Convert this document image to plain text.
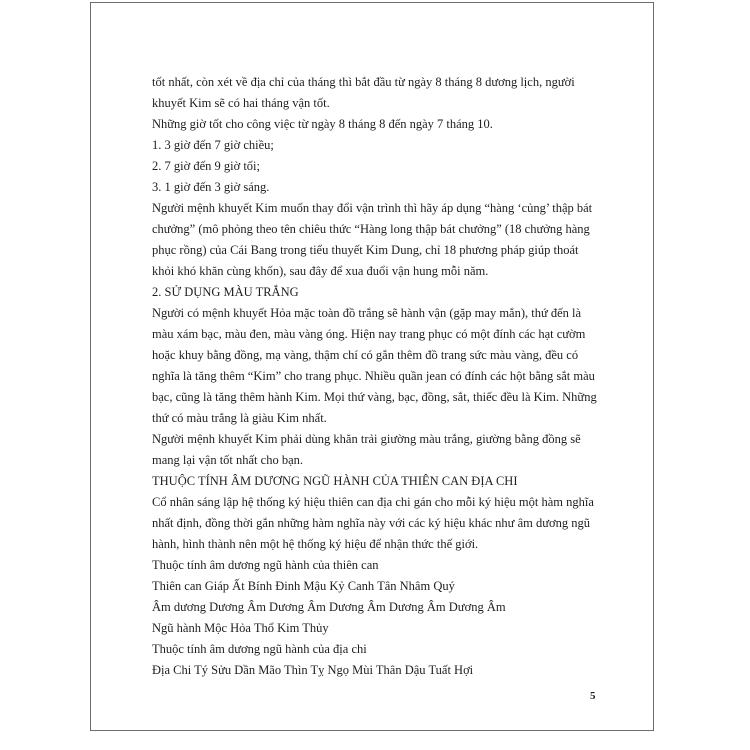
tốt nhất, còn xét về địa chỉ của tháng thì bắt đầu từ ngày 8 tháng 8 dương lịch, người
khuyết Kim sẽ có hai tháng vận tốt.
Những giờ tốt cho công việc từ ngày 8 tháng 8 đến ngày 7 tháng 10.
1. 3 giờ đến 7 giờ chiều;
2. 7 giờ đến 9 giờ tối;
3. 1 giờ đến 3 giờ sáng.
Người mệnh khuyết Kim muốn thay đổi vận trình thì hãy áp dụng “hàng ‘củng’ thập bát
chưởng” (mô phỏng theo tên chiêu thức “Hàng long thập bát chưởng” (18 chưởng hàng
phục rồng) của Cái Bang trong tiểu thuyết Kim Dung, chỉ 18 phương pháp giúp thoát
khỏi khó khăn cùng khốn), sau đây để xua đuổi vận hung mỗi năm.
2. SỬ DỤNG MÀU TRẮNG
Người có mệnh khuyết Hỏa mặc toàn đồ trắng sẽ hành vận (gặp may mắn), thứ đến là
màu xám bạc, màu đen, màu vàng óng. Hiện nay trang phục có một đính các hạt cườm
hoặc khuy bằng đồng, mạ vàng, thậm chí có gắn thêm đồ trang sức màu vàng, đều có
nghĩa là tăng thêm “Kim” cho trang phục. Nhiều quần jean có đính các hột bằng sắt màu
bạc, cũng là tăng thêm hành Kim. Mọi thứ vàng, bạc, đồng, sắt, thiếc đều là Kim. Những
thứ có màu trắng là giàu Kim nhất.
Người mệnh khuyết Kim phải dùng khăn trải giường màu trắng, giường bằng đồng sẽ
mang lại vận tốt nhất cho bạn.
THUỘC TÍNH ÂM DƯƠNG NGŨ HÀNH CỦA THIÊN CAN ĐỊA CHI
Cổ nhân sáng lập hệ thống ký hiệu thiên can địa chi gán cho mỗi ký hiệu một hàm nghĩa
nhất định, đồng thời gắn những hàm nghĩa này với các ký hiệu khác như âm dương ngũ
hành, hình thành nên một hệ thống ký hiệu để nhận thức thế giới.
Thuộc tính âm dương ngũ hành của thiên can
Thiên can Giáp Ất Bính Đinh Mậu Kỷ Canh Tân Nhâm Quý
Âm dương Dương Âm Dương Âm Dương Âm Dương Âm Dương Âm
Ngũ hành Mộc Hỏa Thổ Kim Thủy
Thuộc tính âm dương ngũ hành của địa chi
Địa Chi Tý Sửu Dần Mão Thìn Tỵ Ngọ Mùi Thân Dậu Tuất Hợi
5
